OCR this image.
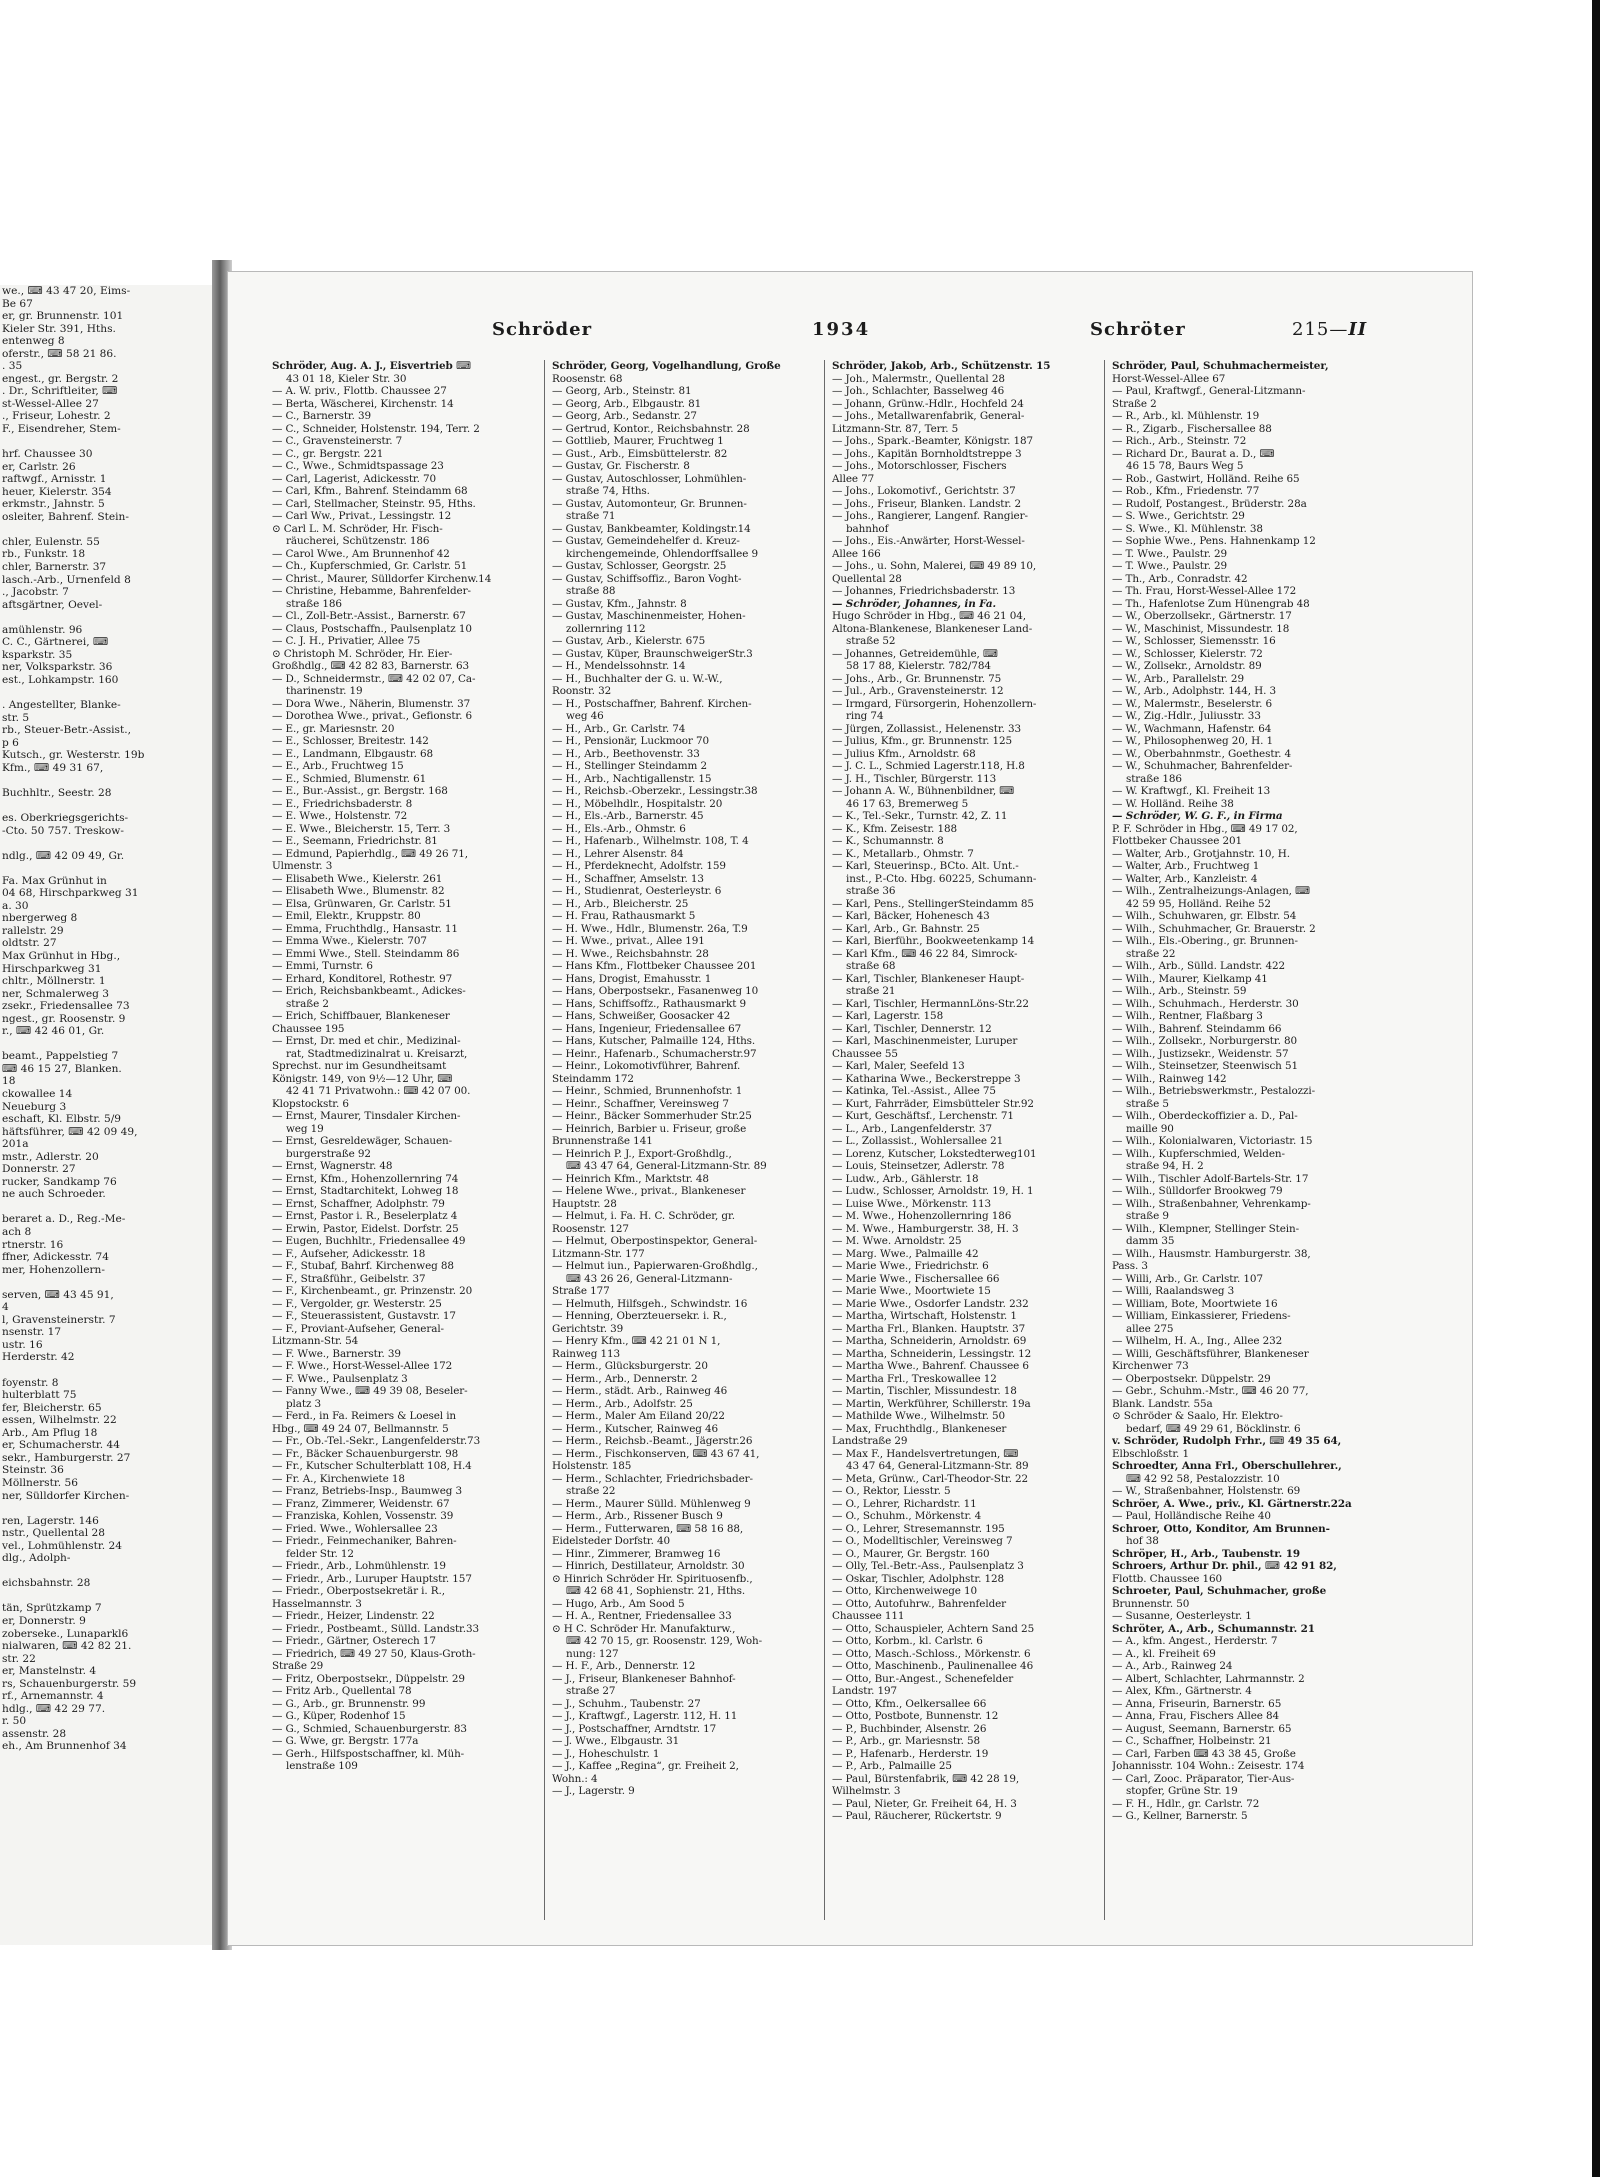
we., ⌨ 43 47 20, Eims-
Be 67
er, gr. Brunnenstr. 101
Kieler Str. 391, Hths.
entenweg 8
oferstr., ⌨ 58 21 86.
. 35
engest., gr. Bergstr. 2
. Dr., Schriftleiter, ⌨
st-Wessel-Allee 27
., Friseur, Lohestr. 2
F., Eisendreher, Stem-

hrf. Chaussee 30
er, Carlstr. 26
raftwgf., Arnisstr. 1
heuer, Kielerstr. 354
erkmstr., Jahnstr. 5
osleiter, Bahrenf. Stein-

chler, Eulenstr. 55
rb., Funkstr. 18
chler, Barnerstr. 37
lasch.-Arb., Urnenfeld 8
., Jacobstr. 7
aftsgärtner, Oevel-

amühlenstr. 96
C. C., Gärtnerei, ⌨
ksparkstr. 35
ner, Volksparkstr. 36
est., Lohkampstr. 160

. Angestellter, Blanke-
str. 5
rb., Steuer-Betr.-Assist.,
p 6
Kutsch., gr. Westerstr. 19b
Kfm., ⌨ 49 31 67,

Buchhltr., Seestr. 28

es. Oberkriegsgerichts-
-Cto. 50 757. Treskow-

ndlg., ⌨ 42 09 49, Gr.

Fa. Max Grünhut in
04 68, Hirschparkweg 31
a. 30
nbergerweg 8
rallelstr. 29
oldtstr. 27
Max Grünhut in Hbg.,
Hirschparkweg 31
chltr., Möllnerstr. 1
ner, Schmalerweg 3
zsekr., Friedensallee 73
ngest., gr. Roosenstr. 9
r., ⌨ 42 46 01, Gr.

beamt., Pappelstieg 7
⌨ 46 15 27, Blanken.
18
ckowallee 14
Neueburg 3
eschaft, Kl. Elbstr. 5/9
häftsführer, ⌨ 42 09 49,
201a
mstr., Adlerstr. 20
Donnerstr. 27
rucker, Sandkamp 76
ne auch Schroeder.

beraret a. D., Reg.-Me-
ach 8
rtnerstr. 16
ffner, Adickesstr. 74
mer, Hohenzollern-

serven, ⌨ 43 45 91,
4
l, Gravensteinerstr. 7
nsenstr. 17
ustr. 16
Herderstr. 42

foyenstr. 8
hulterblatt 75
fer, Bleicherstr. 65
essen, Wilhelmstr. 22
Arb., Am Pflug 18
er, Schumacherstr. 44
sekr., Hamburgerstr. 27
Steinstr. 36
Möllnerstr. 56
ner, Sülldorfer Kirchen-

ren, Lagerstr. 146
nstr., Quellental 28
vel., Lohmühlenstr. 24
dlg., Adolph-

eichsbahnstr. 28

tän, Sprützkamp 7
er, Donnerstr. 9
zoberseke., Lunaparkl6
nialwaren, ⌨ 42 82 21.
str. 22
er, Manstelnstr. 4
rs, Schauenburgerstr. 59
rf., Arnemannstr. 4
hdlg., ⌨ 42 29 77.
r. 50
assenstr. 28
eh., Am Brunnenhof 34
Schröder	1934	Schröter	215—II
Schröder, Aug. A. J., Eisvertrieb ⌨
43 01 18, Kieler Str. 30
— A. W. priv., Flottb. Chaussee 27
— Berta, Wäscherei, Kirchenstr. 14
— C., Barnerstr. 39
— C., Schneider, Holstenstr. 194, Terr. 2
— C., Gravensteinerstr. 7
— C., gr. Bergstr. 221
— C., Wwe., Schmidtspassage 23
— Carl, Lagerist, Adickesstr. 70
— Carl, Kfm., Bahrenf. Steindamm 68
— Carl, Stellmacher, Steinstr. 95, Hths.
— Carl Ww., Privat., Lessingstr. 12
⊙ Carl L. M. Schröder, Hr. Fisch-
räucherei, Schützenstr. 186
— Carol Wwe., Am Brunnenhof 42
— Ch., Kupferschmied, Gr. Carlstr. 51
— Christ., Maurer, Sülldorfer Kirchenw.14
— Christine, Hebamme, Bahrenfelder-
straße 186
— Cl., Zoll-Betr.-Assist., Barnerstr. 67
— Claus, Postschaffn., Paulsenplatz 10
— C. J. H., Privatier, Allee 75
⊙ Christoph M. Schröder, Hr. Eier-
Großhdlg., ⌨ 42 82 83, Barnerstr. 63
— D., Schneidermstr., ⌨ 42 02 07, Ca-
tharinenstr. 19
— Dora Wwe., Näherin, Blumenstr. 37
— Dorothea Wwe., privat., Gefionstr. 6
— E., gr. Mariesnstr. 20
— E., Schlosser, Breitestr. 142
— E., Landmann, Elbgaustr. 68
— E., Arb., Fruchtweg 15
— E., Schmied, Blumenstr. 61
— E., Bur.-Assist., gr. Bergstr. 168
— E., Friedrichsbaderstr. 8
— E. Wwe., Holstenstr. 72
— E. Wwe., Bleicherstr. 15, Terr. 3
— E., Seemann, Friedrichstr. 81
— Edmund, Papierhdlg., ⌨ 49 26 71,
Ulmenstr. 3
— Elisabeth Wwe., Kielerstr. 261
— Elisabeth Wwe., Blumenstr. 82
— Elsa, Grünwaren, Gr. Carlstr. 51
— Emil, Elektr., Kruppstr. 80
— Emma, Fruchthdlg., Hansastr. 11
— Emma Wwe., Kielerstr. 707
— Emmi Wwe., Stell. Steindamm 86
— Emmi, Turnstr. 6
— Erhard, Konditorel, Rothestr. 97
— Erich, Reichsbankbeamt., Adickes-
straße 2
— Erich, Schiffbauer, Blankeneser
Chaussee 195
— Ernst, Dr. med et chir., Medizinal-
rat, Stadtmedizinalrat u. Kreisarzt,
Sprechst. nur im Gesundheitsamt
Königstr. 149, von 9½—12 Uhr, ⌨
42 41 71 Privatwohn.: ⌨ 42 07 00.
Klopstockstr. 6
— Ernst, Maurer, Tinsdaler Kirchen-
weg 19
— Ernst, Gesreldewäger, Schauen-
burgerstraße 92
— Ernst, Wagnerstr. 48
— Ernst, Kfm., Hohenzollernring 74
— Ernst, Stadtarchitekt, Lohweg 18
— Ernst, Schaffner, Adolphstr. 79
— Ernst, Pastor i. R., Beselerplatz 4
— Erwin, Pastor, Eidelst. Dorfstr. 25
— Eugen, Buchhltr., Friedensallee 49
— F., Aufseher, Adickesstr. 18
— F., Stubaf, Bahrf. Kirchenweg 88
— F., Straßführ., Geibelstr. 37
— F., Kirchenbeamt., gr. Prinzenstr. 20
— F., Vergolder, gr. Westerstr. 25
— F., Steuerassistent, Gustavstr. 17
— F., Proviant-Aufseher, General-
Litzmann-Str. 54
— F. Wwe., Barnerstr. 39
— F. Wwe., Horst-Wessel-Allee 172
— F. Wwe., Paulsenplatz 3
— Fanny Wwe., ⌨ 49 39 08, Beseler-
platz 3
— Ferd., in Fa. Reimers & Loesel in
Hbg., ⌨ 49 24 07, Bellmannstr. 5
— Fr., Ob.-Tel.-Sekr., Langenfelderstr.73
— Fr., Bäcker Schauenburgerstr. 98
— Fr., Kutscher Schulterblatt 108, H.4
— Fr. A., Kirchenwiete 18
— Franz, Betriebs-Insp., Baumweg 3
— Franz, Zimmerer, Weidenstr. 67
— Franziska, Kohlen, Vossenstr. 39
— Fried. Wwe., Wohlersallee 23
— Friedr., Feinmechaniker, Bahren-
felder Str. 12
— Friedr., Arb., Lohmühlenstr. 19
— Friedr., Arb., Luruper Hauptstr. 157
— Friedr., Oberpostsekretär i. R.,
Hasselmannstr. 3
— Friedr., Heizer, Lindenstr. 22
— Friedr., Postbeamt., Sülld. Landstr.33
— Friedr., Gärtner, Osterech 17
— Friedrich, ⌨ 49 27 50, Klaus-Groth-
Straße 29
— Fritz, Oberpostsekr., Düppelstr. 29
— Fritz Arb., Quellental 78
— G., Arb., gr. Brunnenstr. 99
— G., Küper, Rodenhof 15
— G., Schmied, Schauenburgerstr. 83
— G. Wwe, gr. Bergstr. 177a
— Gerh., Hilfspostschaffner, kl. Müh-
lenstraße 109
Schröder, Georg, Vogelhandlung, Große
Roosenstr. 68
— Georg, Arb., Steinstr. 81
— Georg, Arb., Elbgaustr. 81
— Georg, Arb., Sedanstr. 27
— Gertrud, Kontor., Reichsbahnstr. 28
— Gottlieb, Maurer, Fruchtweg 1
— Gust., Arb., Eimsbüttelerstr. 82
— Gustav, Gr. Fischerstr. 8
— Gustav, Autoschlosser, Lohmühlen-
straße 74, Hths.
— Gustav, Automonteur, Gr. Brunnen-
straße 71
— Gustav, Bankbeamter, Koldingstr.14
— Gustav, Gemeindehelfer d. Kreuz-
kirchengemeinde, Ohlendorffsallee 9
— Gustav, Schlosser, Georgstr. 25
— Gustav, Schiffsoffiz., Baron Voght-
straße 88
— Gustav, Kfm., Jahnstr. 8
— Gustav, Maschinenmeister, Hohen-
zollernring 112
— Gustav, Arb., Kielerstr. 675
— Gustav, Küper, BraunschweigerStr.3
— H., Mendelssohnstr. 14
— H., Buchhalter der G. u. W.-W.,
Roonstr. 32
— H., Postschaffner, Bahrenf. Kirchen-
weg 46
— H., Arb., Gr. Carlstr. 74
— H., Pensionär, Luckmoor 70
— H., Arb., Beethovenstr. 33
— H., Stellinger Steindamm 2
— H., Arb., Nachtigallenstr. 15
— H., Reichsb.-Oberzekr., Lessingstr.38
— H., Möbelhdlr., Hospitalstr. 20
— H., Els.-Arb., Barnerstr. 45
— H., Els.-Arb., Ohmstr. 6
— H., Hafenarb., Wilhelmstr. 108, T. 4
— H., Lehrer Alsenstr. 84
— H., Pferdeknecht, Adolfstr. 159
— H., Schaffner, Amselstr. 13
— H., Studienrat, Oesterleystr. 6
— H., Arb., Bleicherstr. 25
— H. Frau, Rathausmarkt 5
— H. Wwe., Hdlr., Blumenstr. 26a, T.9
— H. Wwe., privat., Allee 191
— H. Wwe., Reichsbahnstr. 28
— Hans Kfm., Flottbeker Chaussee 201
— Hans, Drogist, Emahusstr. 1
— Hans, Oberpostsekr., Fasanenweg 10
— Hans, Schiffsoffz., Rathausmarkt 9
— Hans, Schweißer, Goosacker 42
— Hans, Ingenieur, Friedensallee 67
— Hans, Kutscher, Palmaille 124, Hths.
— Heinr., Hafenarb., Schumacherstr.97
— Heinr., Lokomotivführer, Bahrenf.
Steindamm 172
— Heinr., Schmied, Brunnenhofstr. 1
— Heinr., Schaffner, Vereinsweg 7
— Heinr., Bäcker Sommerhuder Str.25
— Heinrich, Barbier u. Friseur, große
Brunnenstraße 141
— Heinrich P. J., Export-Großhdlg.,
⌨ 43 47 64, General-Litzmann-Str. 89
— Heinrich Kfm., Marktstr. 48
— Helene Wwe., privat., Blankeneser
Hauptstr. 28
— Helmut, i. Fa. H. C. Schröder, gr.
Roosenstr. 127
— Helmut, Oberpostinspektor, General-
Litzmann-Str. 177
— Helmut iun., Papierwaren-Großhdlg.,
⌨ 43 26 26, General-Litzmann-
Straße 177
— Helmuth, Hilfsgeh., Schwindstr. 16
— Henning, Oberzteuersekr. i. R.,
Gerichtstr. 39
— Henry Kfm., ⌨ 42 21 01 N 1,
Rainweg 113
— Herm., Glücksburgerstr. 20
— Herm., Arb., Dennerstr. 2
— Herm., städt. Arb., Rainweg 46
— Herm., Arb., Adolfstr. 25
— Herm., Maler Am Eiland 20/22
— Herm., Kutscher, Rainweg 46
— Herm., Reichsb.-Beamt., Jägerstr.26
— Herm., Fischkonserven, ⌨ 43 67 41,
Holstenstr. 185
— Herm., Schlachter, Friedrichsbader-
straße 22
— Herm., Maurer Sülld. Mühlenweg 9
— Herm., Arb., Rissener Busch 9
— Herm., Futterwaren, ⌨ 58 16 88,
Eidelsteder Dorfstr. 40
— Hinr., Zimmerer, Bramweg 16
— Hinrich, Destillateur, Arnoldstr. 30
⊙ Hinrich Schröder Hr. Spirituosenfb.,
⌨ 42 68 41, Sophienstr. 21, Hths.
— Hugo, Arb., Am Sood 5
— H. A., Rentner, Friedensallee 33
⊙ H C. Schröder Hr. Manufakturw.,
⌨ 42 70 15, gr. Roosenstr. 129, Woh-
nung: 127
— H. F., Arb., Dennerstr. 12
— J., Friseur, Blankeneser Bahnhof-
straße 27
— J., Schuhm., Taubenstr. 27
— J., Kraftwgf., Lagerstr. 112, H. 11
— J., Postschaffner, Arndtstr. 17
— J. Wwe., Elbgaustr. 31
— J., Hoheschulstr. 1
— J., Kaffee „Regina“, gr. Freiheit 2,
Wohn.: 4
— J., Lagerstr. 9
Schröder, Jakob, Arb., Schützenstr. 15
— Joh., Malermstr., Quellental 28
— Joh., Schlachter, Basselweg 46
— Johann, Grünw.-Hdlr., Hochfeld 24
— Johs., Metallwarenfabrik, General-
Litzmann-Str. 87, Terr. 5
— Johs., Spark.-Beamter, Königstr. 187
— Johs., Kapitän Bornholdtstreppe 3
— Johs., Motorschlosser, Fischers
Allee 77
— Johs., Lokomotivf., Gerichtstr. 37
— Johs., Friseur, Blanken. Landstr. 2
— Johs., Rangierer, Langenf. Rangier-
bahnhof
— Johs., Eis.-Anwärter, Horst-Wessel-
Allee 166
— Johs., u. Sohn, Malerei, ⌨ 49 89 10,
Quellental 28
— Johannes, Friedrichsbaderstr. 13
— Schröder, Johannes, in Fa.
Hugo Schröder in Hbg., ⌨ 46 21 04,
Altona-Blankenese, Blankeneser Land-
straße 52
— Johannes, Getreidemühle, ⌨
58 17 88, Kielerstr. 782/784
— Johs., Arb., Gr. Brunnenstr. 75
— Jul., Arb., Gravensteinerstr. 12
— Irmgard, Fürsorgerin, Hohenzollern-
ring 74
— Jürgen, Zollassist., Helenenstr. 33
— Julius, Kfm., gr. Brunnenstr. 125
— Julius Kfm., Arnoldstr. 68
— J. C. L., Schmied Lagerstr.118, H.8
— J. H., Tischler, Bürgerstr. 113
— Johann A. W., Bühnenbildner, ⌨
46 17 63, Bremerweg 5
— K., Tel.-Sekr., Turnstr. 42, Z. 11
— K., Kfm. Zeisestr. 188
— K., Schumannstr. 8
— K., Metallarb., Ohmstr. 7
— Karl, Steuerinsp., BCto. Alt. Unt.-
inst., P.-Cto. Hbg. 60225, Schumann-
straße 36
— Karl, Pens., StellingerSteindamm 85
— Karl, Bäcker, Hohenesch 43
— Karl, Arb., Gr. Bahnstr. 25
— Karl, Bierführ., Bookweetenkamp 14
— Karl Kfm., ⌨ 46 22 84, Simrock-
straße 68
— Karl, Tischler, Blankeneser Haupt-
straße 21
— Karl, Tischler, HermannLöns-Str.22
— Karl, Lagerstr. 158
— Karl, Tischler, Dennerstr. 12
— Karl, Maschinenmeister, Luruper
Chaussee 55
— Karl, Maler, Seefeld 13
— Katharina Wwe., Beckerstreppe 3
— Katinka, Tel.-Assist., Allee 75
— Kurt, Fahrräder, Eimsbütteler Str.92
— Kurt, Geschäftsf., Lerchenstr. 71
— L., Arb., Langenfelderstr. 37
— L., Zollassist., Wohlersallee 21
— Lorenz, Kutscher, Lokstedterweg101
— Louis, Steinsetzer, Adlerstr. 78
— Ludw., Arb., Gählerstr. 18
— Ludw., Schlosser, Arnoldstr. 19, H. 1
— Luise Wwe., Mörkenstr. 113
— M. Wwe., Hohenzollernring 186
— M. Wwe., Hamburgerstr. 38, H. 3
— M. Wwe. Arnoldstr. 25
— Marg. Wwe., Palmaille 42
— Marie Wwe., Friedrichstr. 6
— Marie Wwe., Fischersallee 66
— Marie Wwe., Moortwiete 15
— Marie Wwe., Osdorfer Landstr. 232
— Martha, Wirtschaft, Holstenstr. 1
— Martha Frl., Blanken. Hauptstr. 37
— Martha, Schneiderin, Arnoldstr. 69
— Martha, Schneiderin, Lessingstr. 12
— Martha Wwe., Bahrenf. Chaussee 6
— Martha Frl., Treskowallee 12
— Martin, Tischler, Missundestr. 18
— Martin, Werkführer, Schillerstr. 19a
— Mathilde Wwe., Wilhelmstr. 50
— Max, Fruchthdlg., Blankeneser
Landstraße 29
— Max F., Handelsvertretungen, ⌨
43 47 64, General-Litzmann-Str. 89
— Meta, Grünw., Carl-Theodor-Str. 22
— O., Rektor, Liesstr. 5
— O., Lehrer, Richardstr. 11
— O., Schuhm., Mörkenstr. 4
— O., Lehrer, Stresemannstr. 195
— O., Modelltischler, Vereinsweg 7
— O., Maurer, Gr. Bergstr. 160
— Olly, Tel.-Betr.-Ass., Paulsenplatz 3
— Oskar, Tischler, Adolphstr. 128
— Otto, Kirchenweiwege 10
— Otto, Autofuhrw., Bahrenfelder
Chaussee 111
— Otto, Schauspieler, Achtern Sand 25
— Otto, Korbm., kl. Carlstr. 6
— Otto, Masch.-Schloss., Mörkenstr. 6
— Otto, Maschinenb., Paulinenallee 46
— Otto, Bur.-Angest., Schenefelder
Landstr. 197
— Otto, Kfm., Oelkersallee 66
— Otto, Postbote, Bunnenstr. 12
— P., Buchbinder, Alsenstr. 26
— P., Arb., gr. Mariesnstr. 58
— P., Hafenarb., Herderstr. 19
— P., Arb., Palmaille 25
— Paul, Bürstenfabrik, ⌨ 42 28 19,
Wilhelmstr. 3
— Paul, Nieter, Gr. Freiheit 64, H. 3
— Paul, Räucherer, Rückertstr. 9
Schröder, Paul, Schuhmachermeister,
Horst-Wessel-Allee 67
— Paul, Kraftwgf., General-Litzmann-
Straße 2
— R., Arb., kl. Mühlenstr. 19
— R., Zigarb., Fischersallee 88
— Rich., Arb., Steinstr. 72
— Richard Dr., Baurat a. D., ⌨
46 15 78, Baurs Weg 5
— Rob., Gastwirt, Holländ. Reihe 65
— Rob., Kfm., Friedenstr. 77
— Rudolf, Postangest., Brüderstr. 28a
— S. Wwe., Gerichtstr. 29
— S. Wwe., Kl. Mühlenstr. 38
— Sophie Wwe., Pens. Hahnenkamp 12
— T. Wwe., Paulstr. 29
— T. Wwe., Paulstr. 29
— Th., Arb., Conradstr. 42
— Th. Frau, Horst-Wessel-Allee 172
— Th., Hafenlotse Zum Hünengrab 48
— W., Oberzollsekr., Gärtnerstr. 17
— W., Maschinist, Missundestr. 18
— W., Schlosser, Siemensstr. 16
— W., Schlosser, Kielerstr. 72
— W., Zollsekr., Arnoldstr. 89
— W., Arb., Parallelstr. 29
— W., Arb., Adolphstr. 144, H. 3
— W., Malermstr., Beselerstr. 6
— W., Zig.-Hdlr., Juliusstr. 33
— W., Wachmann, Hafenstr. 64
— W., Philosophenweg 20, H. 1
— W., Oberbahnmstr., Goethestr. 4
— W., Schuhmacher, Bahrenfelder-
straße 186
— W. Kraftwgf., Kl. Freiheit 13
— W. Holländ. Reihe 38
— Schröder, W. G. F., in Firma
P. F. Schröder in Hbg., ⌨ 49 17 02,
Flottbeker Chaussee 201
— Walter, Arb., Grotjahnstr. 10, H.
— Walter, Arb., Fruchtweg 1
— Walter, Arb., Kanzleistr. 4
— Wilh., Zentralheizungs-Anlagen, ⌨
42 59 95, Holländ. Reihe 52
— Wilh., Schuhwaren, gr. Elbstr. 54
— Wilh., Schuhmacher, Gr. Brauerstr. 2
— Wilh., Els.-Obering., gr. Brunnen-
straße 22
— Wilh., Arb., Sülld. Landstr. 422
— Wilh., Maurer, Kielkamp 41
— Wilh., Arb., Steinstr. 59
— Wilh., Schuhmach., Herderstr. 30
— Wilh., Rentner, Flaßbarg 3
— Wilh., Bahrenf. Steindamm 66
— Wilh., Zollsekr., Norburgerstr. 80
— Wilh., Justizsekr., Weidenstr. 57
— Wilh., Steinsetzer, Steenwisch 51
— Wilh., Rainweg 142
— Wilh., Betriebswerkmstr., Pestalozzi-
straße 5
— Wilh., Oberdeckoffizier a. D., Pal-
maille 90
— Wilh., Kolonialwaren, Victoriastr. 15
— Wilh., Kupferschmied, Welden-
straße 94, H. 2
— Wilh., Tischler Adolf-Bartels-Str. 17
— Wilh., Sülldorfer Brookweg 79
— Wilh., Straßenbahner, Vehrenkamp-
straße 9
— Wilh., Klempner, Stellinger Stein-
damm 35
— Wilh., Hausmstr. Hamburgerstr. 38,
Pass. 3
— Willi, Arb., Gr. Carlstr. 107
— Willi, Raalandsweg 3
— William, Bote, Moortwiete 16
— William, Einkassierer, Friedens-
allee 275
— Wilhelm, H. A., Ing., Allee 232
— Willi, Geschäftsführer, Blankeneser
Kirchenwer 73
— Oberpostsekr. Düppelstr. 29
— Gebr., Schuhm.-Mstr., ⌨ 46 20 77,
Blank. Landstr. 55a
⊙ Schröder & Saalo, Hr. Elektro-
bedarf, ⌨ 49 29 61, Böcklinstr. 6
v. Schröder, Rudolph Frhr., ⌨ 49 35 64,
Elbschloßstr. 1
Schroedter, Anna Frl., Oberschullehrer.,
⌨ 42 92 58, Pestalozzistr. 10
— W., Straßenbahner, Holstenstr. 69
Schröer, A. Wwe., priv., Kl. Gärtnerstr.22a
— Paul, Holländische Reihe 40
Schroer, Otto, Konditor, Am Brunnen-
hof 38
Schröper, H., Arb., Taubenstr. 19
Schroers, Arthur Dr. phil., ⌨ 42 91 82,
Flottb. Chaussee 160
Schroeter, Paul, Schuhmacher, große
Brunnenstr. 50
— Susanne, Oesterleystr. 1
Schröter, A., Arb., Schumannstr. 21
— A., kfm. Angest., Herderstr. 7
— A., kl. Freiheit 69
— A., Arb., Rainweg 24
— Albert, Schlachter, Lahrmannstr. 2
— Alex, Kfm., Gärtnerstr. 4
— Anna, Friseurin, Barnerstr. 65
— Anna, Frau, Fischers Allee 84
— August, Seemann, Barnerstr. 65
— C., Schaffner, Holbeinstr. 21
— Carl, Farben ⌨ 43 38 45, Große
Johannisstr. 104 Wohn.: Zeisestr. 174
— Carl, Zooc. Präparator, Tier-Aus-
stopfer, Grüne Str. 19
— F. H., Hdlr., gr. Carlstr. 72
— G., Kellner, Barnerstr. 5
